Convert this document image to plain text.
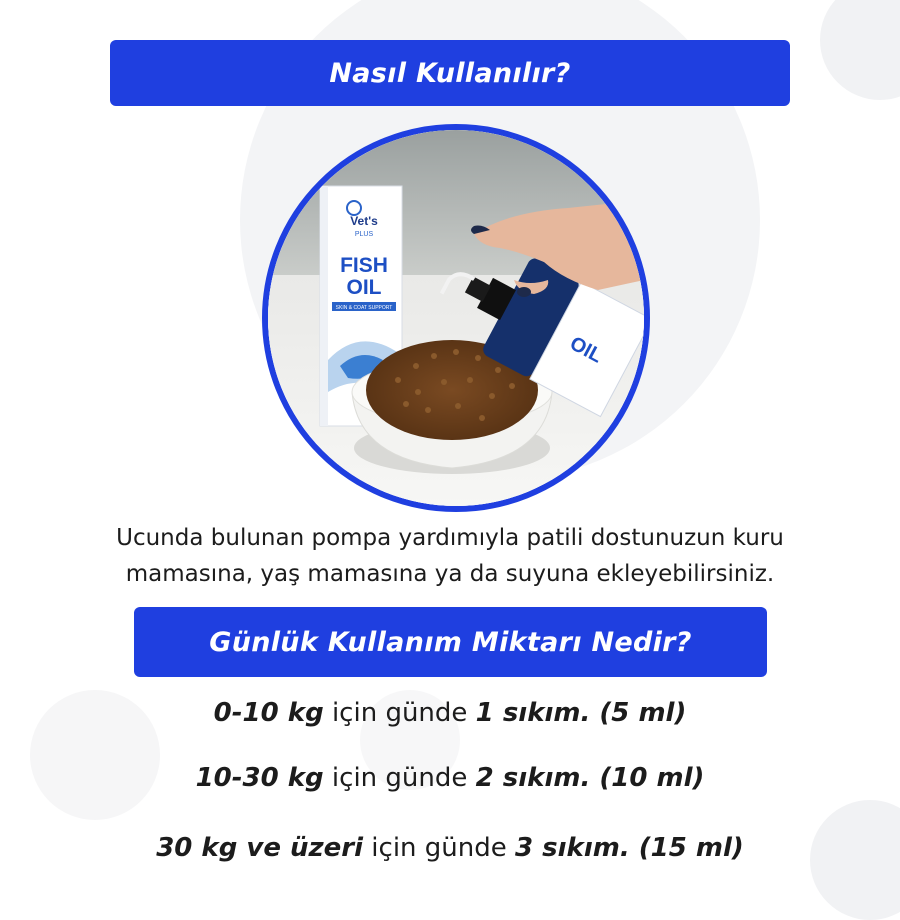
Nasıl Kullanılır?
Vet's
PLUS
FISH
OIL
SKIN & COAT SUPPORT
OIL
Ucunda bulunan pompa yardımıyla patili dostunuzun kuru
mamasına, yaş mamasına ya da suyuna ekleyebilirsiniz.
Günlük Kullanım Miktarı Nedir?
0-10 kg için günde 1 sıkım. (5 ml)
10-30 kg için günde 2 sıkım. (10 ml)
30 kg ve üzeri için günde 3 sıkım. (15 ml)
